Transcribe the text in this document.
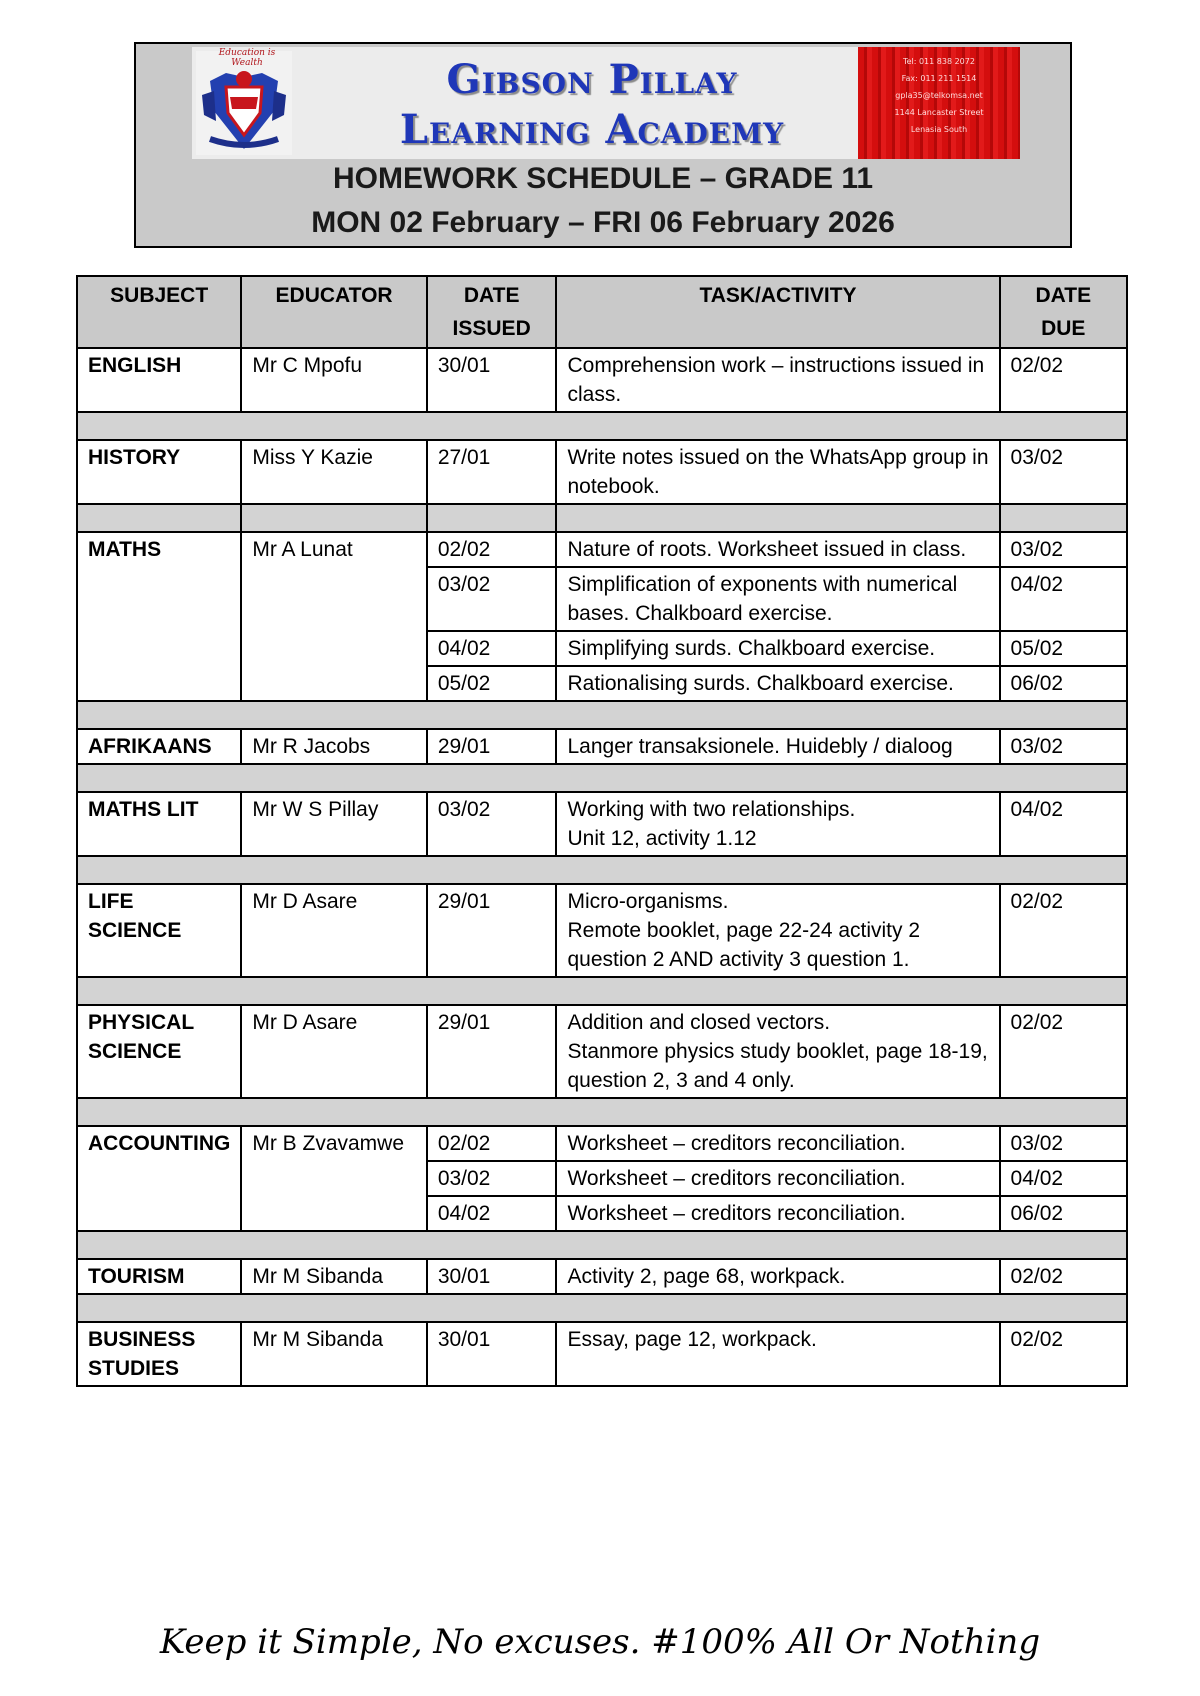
Education is Wealth	Gibson Pillay
Learning Academy
Tel: 011 838 2072
Fax: 011 211 1514
gpla35@telkomsa.net
1144 Lancaster Street
Lenasia South
HOMEWORK SCHEDULE – GRADE 11
MON 02 February – FRI 06 February 2026
SUBJECT	EDUCATOR	DATE ISSUED	TASK/ACTIVITY	DATE DUE
ENGLISH	Mr C Mpofu	30/01	Comprehension work – instructions issued in class.	02/02

HISTORY	Miss Y Kazie	27/01	Write notes issued on the WhatsApp group in notebook.	03/02

MATHS	Mr A Lunat	02/02	Nature of roots. Worksheet issued in class.	03/02
		03/02	Simplification of exponents with numerical bases. Chalkboard exercise.	04/02
		04/02	Simplifying surds. Chalkboard exercise.	05/02
		05/02	Rationalising surds. Chalkboard exercise.	06/02

AFRIKAANS	Mr R Jacobs	29/01	Langer transaksionele. Huidebly / dialoog	03/02

MATHS LIT	Mr W S Pillay	03/02	Working with two relationships.
Unit 12, activity 1.12	04/02

LIFE SCIENCE	Mr D Asare	29/01	Micro-organisms.
Remote booklet, page 22-24 activity 2 question 2 AND activity 3 question 1.	02/02

PHYSICAL SCIENCE	Mr D Asare	29/01	Addition and closed vectors.
Stanmore physics study booklet, page 18-19, question 2, 3 and 4 only.	02/02

ACCOUNTING	Mr B Zvavamwe	02/02	Worksheet – creditors reconciliation.	03/02
		03/02	Worksheet – creditors reconciliation.	04/02
		04/02	Worksheet – creditors reconciliation.	06/02

TOURISM	Mr M Sibanda	30/01	Activity 2, page 68, workpack.	02/02

BUSINESS STUDIES	Mr M Sibanda	30/01	Essay, page 12, workpack.	02/02
Keep it Simple, No excuses. #100% All Or Nothing
